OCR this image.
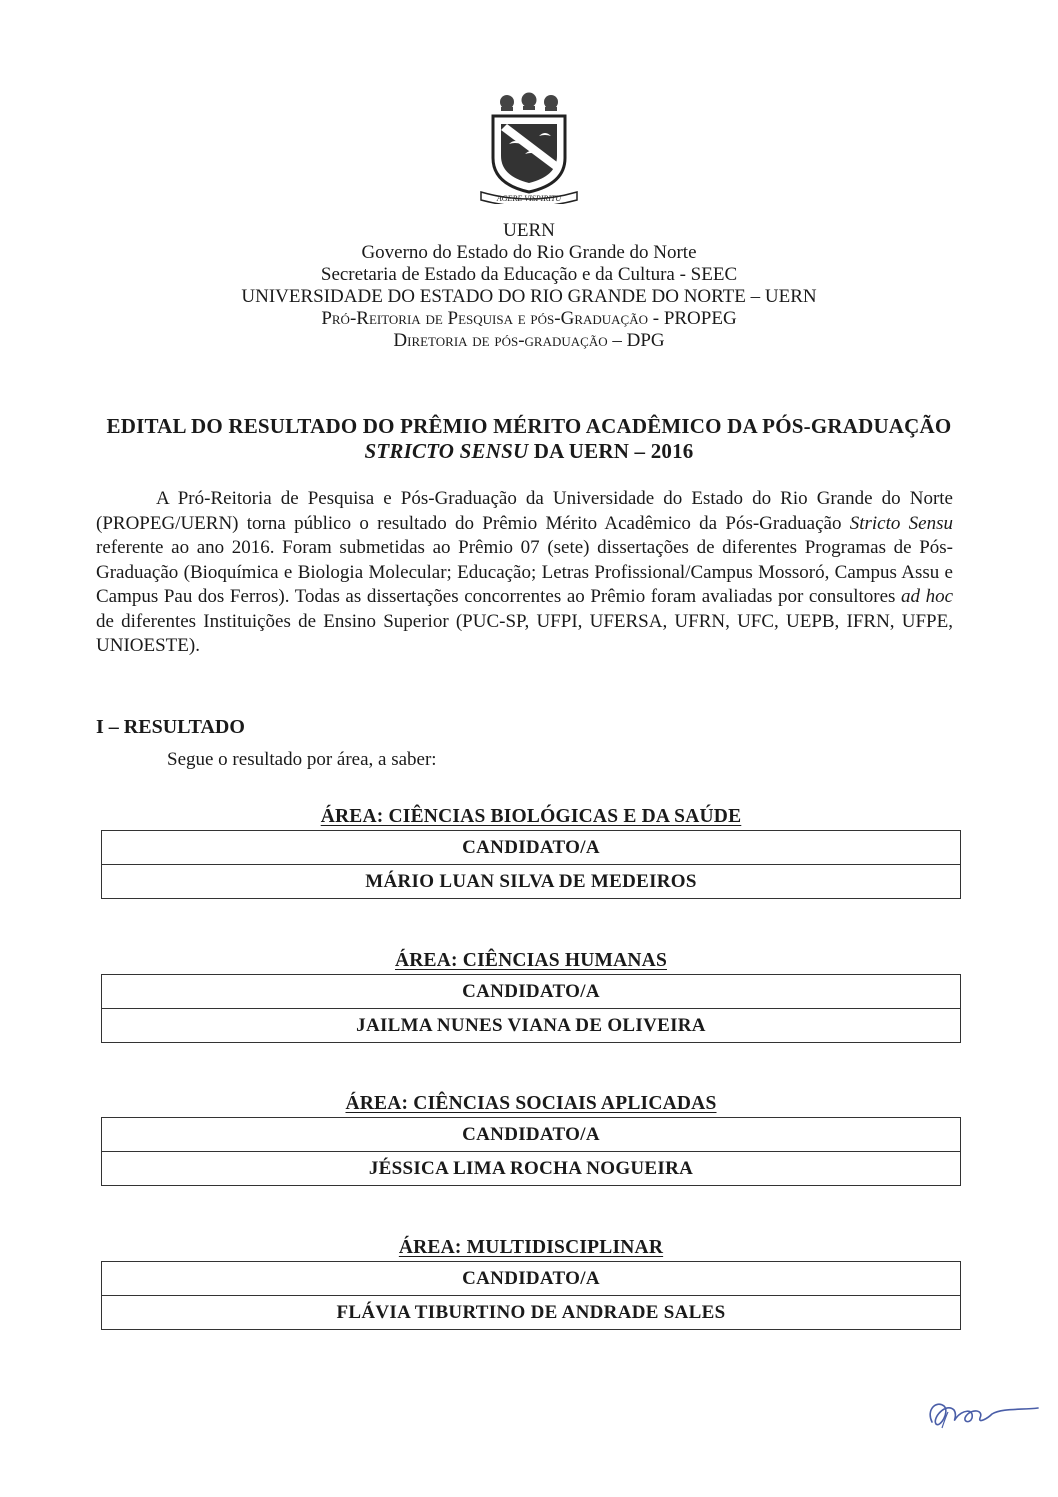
AGERE VISPIRITU
UERN
Governo do Estado do Rio Grande do Norte
Secretaria de Estado da Educação e da Cultura - SEEC
UNIVERSIDADE DO ESTADO DO RIO GRANDE DO NORTE – UERN
Pró-Reitoria de Pesquisa e pós-Graduação - PROPEG
Diretoria de pós-graduação – DPG
EDITAL DO RESULTADO DO PRÊMIO MÉRITO ACADÊMICO DA PÓS-GRADUAÇÃO
STRICTO SENSU DA UERN – 2016

A Pró-Reitoria de Pesquisa e Pós-Graduação da Universidade do Estado do Rio Grande do Norte (PROPEG/UERN) torna público o resultado do Prêmio Mérito Acadêmico da Pós-Graduação Stricto Sensu referente ao ano 2016. Foram submetidas ao Prêmio 07 (sete) dissertações de diferentes Programas de Pós-Graduação (Bioquímica e Biologia Molecular; Educação; Letras Profissional/Campus Mossoró, Campus Assu e Campus Pau dos Ferros). Todas as dissertações concorrentes ao Prêmio foram avaliadas por consultores ad hoc de diferentes Instituições de Ensino Superior (PUC-SP, UFPI, UFERSA, UFRN, UFC, UEPB, IFRN, UFPE, UNIOESTE).

I – RESULTADO

Segue o resultado por área, a saber:

ÁREA: CIÊNCIAS BIOLÓGICAS E DA SAÚDE
CANDIDATO/A
MÁRIO LUAN SILVA DE MEDEIROS
ÁREA: CIÊNCIAS HUMANAS
CANDIDATO/A
JAILMA NUNES VIANA DE OLIVEIRA
ÁREA: CIÊNCIAS SOCIAIS APLICADAS
CANDIDATO/A
JÉSSICA LIMA ROCHA NOGUEIRA
ÁREA: MULTIDISCIPLINAR
CANDIDATO/A
FLÁVIA TIBURTINO DE ANDRADE SALES
